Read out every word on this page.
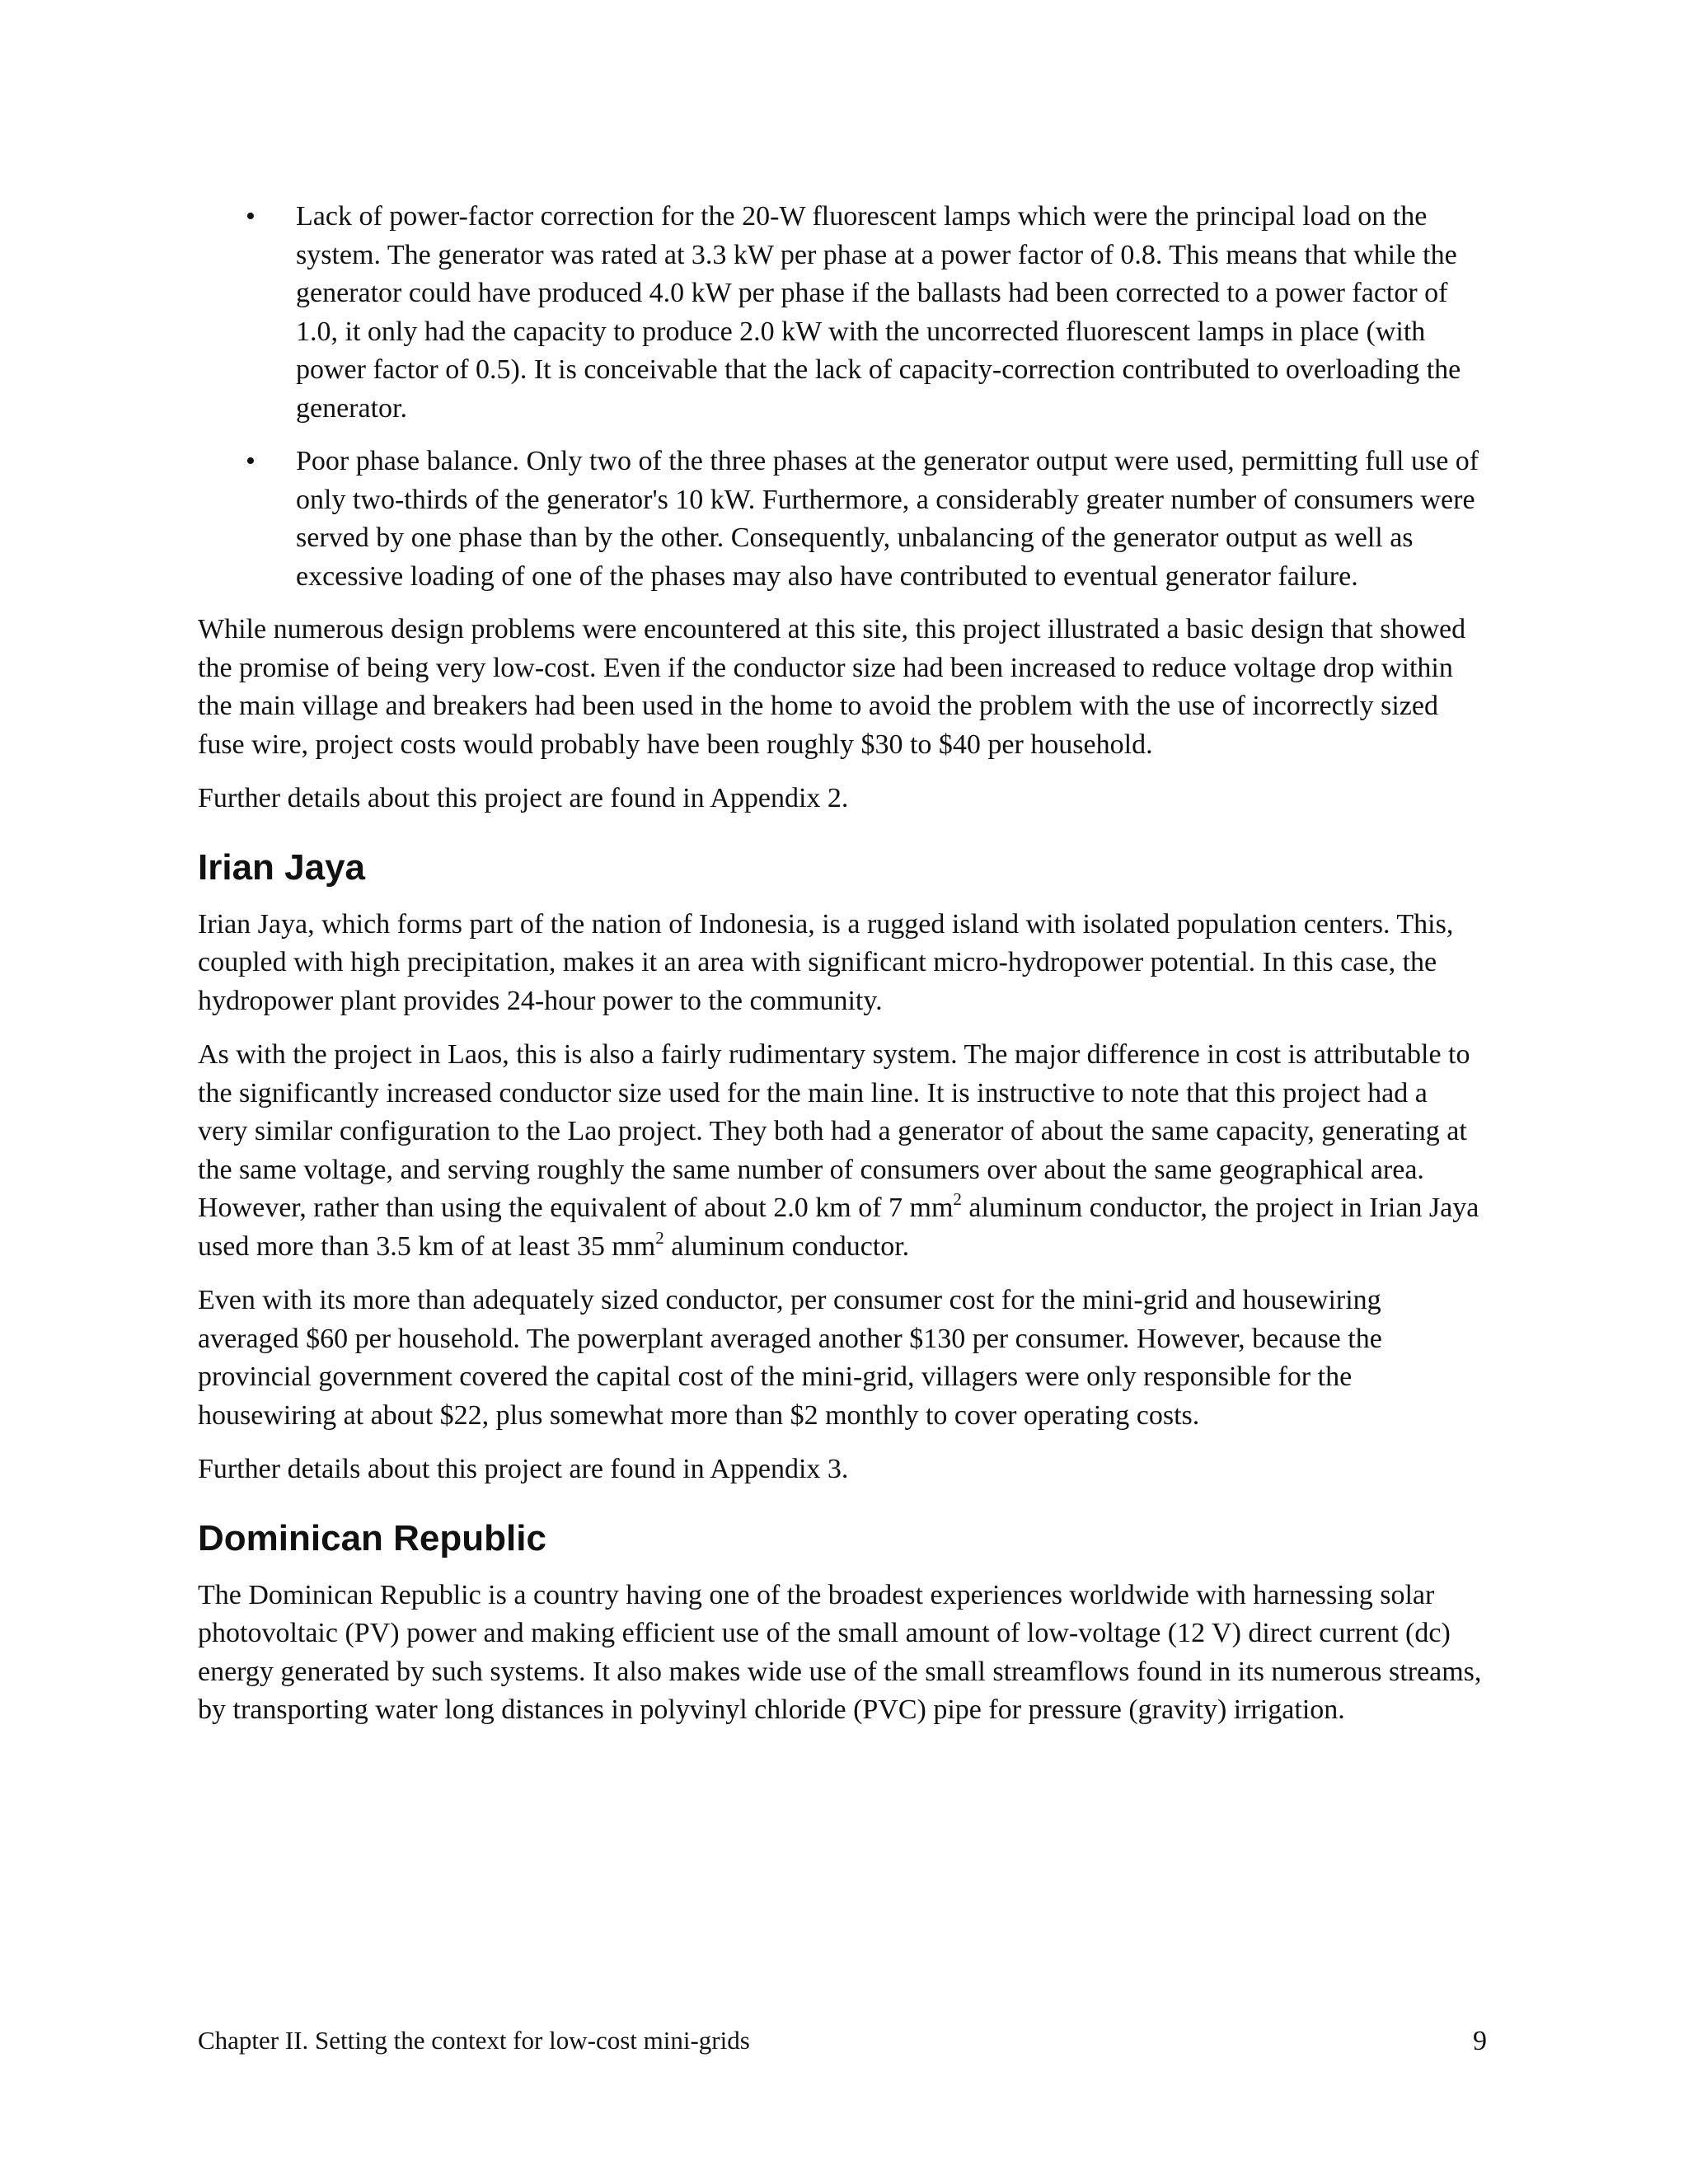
• Lack of power-factor correction for the 20-W fluorescent lamps which were the principal load on the system. The generator was rated at 3.3 kW per phase at a power factor of 0.8. This means that while the generator could have produced 4.0 kW per phase if the ballasts had been corrected to a power factor of 1.0, it only had the capacity to produce 2.0 kW with the uncorrected fluorescent lamps in place (with power factor of 0.5). It is conceivable that the lack of capacity-correction contributed to overloading the generator.
• Poor phase balance. Only two of the three phases at the generator output were used, permitting full use of only two-thirds of the generator's 10 kW. Furthermore, a considerably greater number of consumers were served by one phase than by the other. Consequently, unbalancing of the generator output as well as excessive loading of one of the phases may also have contributed to eventual generator failure.

While numerous design problems were encountered at this site, this project illustrated a basic design that showed the promise of being very low-cost. Even if the conductor size had been increased to reduce voltage drop within the main village and breakers had been used in the home to avoid the problem with the use of incorrectly sized fuse wire, project costs would probably have been roughly $30 to $40 per household.

Further details about this project are found in Appendix 2.

Irian Jaya

Irian Jaya, which forms part of the nation of Indonesia, is a rugged island with isolated population centers. This, coupled with high precipitation, makes it an area with significant micro-hydropower potential. In this case, the hydropower plant provides 24-hour power to the community.

As with the project in Laos, this is also a fairly rudimentary system. The major difference in cost is attributable to the significantly increased conductor size used for the main line. It is instructive to note that this project had a very similar configuration to the Lao project. They both had a generator of about the same capacity, generating at the same voltage, and serving roughly the same number of consumers over about the same geographical area. However, rather than using the equivalent of about 2.0 km of 7 $mm^2$ aluminum conductor, the project in Irian Jaya used more than 3.5 km of at least 35 $mm^2$ aluminum conductor.

Even with its more than adequately sized conductor, per consumer cost for the mini-grid and housewiring averaged $60 per household. The powerplant averaged another $130 per consumer. However, because the provincial government covered the capital cost of the mini-grid, villagers were only responsible for the housewiring at about $22, plus somewhat more than $2 monthly to cover operating costs.

Further details about this project are found in Appendix 3.

Dominican Republic

The Dominican Republic is a country having one of the broadest experiences worldwide with harnessing solar photovoltaic (PV) power and making efficient use of the small amount of low-voltage (12 V) direct current (dc) energy generated by such systems. It also makes wide use of the small streamflows found in its numerous streams, by transporting water long distances in polyvinyl chloride (PVC) pipe for pressure (gravity) irrigation.

Chapter II. Setting the context for low-cost mini-grids	9
